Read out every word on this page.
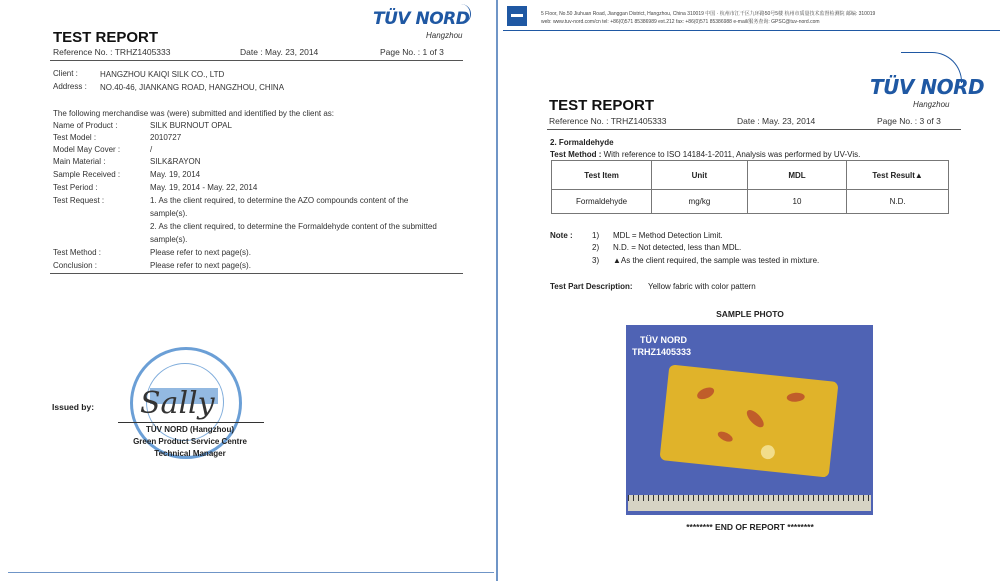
TÜV NORD
Hangzhou
TEST REPORT
Reference No. : TRHZ1405333	Date : May. 23, 2014	Page No. : 1 of 3
Client :	HANGZHOU KAIQI SILK CO., LTD
Address : NO.40-46, JIANKANG ROAD, HANGZHOU, CHINA
The following merchandise was (were) submitted and identified by the client as:
Name of Product :	SILK BURNOUT OPAL
Test Model :	2010727
Model May Cover :	/
Main Material :	SILK&RAYON
Sample Received :	May. 19, 2014
Test Period :	May. 19, 2014 - May. 22, 2014
Test Request :	1. As the client required, to determine the AZO compounds content of the
sample(s).
2. As the client required, to determine the Formaldehyde content of the submitted
sample(s).
Test Method :	Please refer to next page(s).
Conclusion :	Please refer to next page(s).
Issued by: Sally
TÜV NORD (Hangzhou)
Green Product Service Centre
Technical Manager
5 Floor, No.50 Jiuhuan Road, Jianggan District, Hangzhou, China 310019 中国 · 杭州市江干区九环路50号5楼 杭州市质量技术监督检测院 邮编: 310019
web: www.tuv-nord.com/cn tel: +86(0)571 85386989 ext.212 fax: +86(0)571 85386988 e-mail/服务查询: GPSC@tuv-nord.com
TÜV NORD
Hangzhou
TEST REPORT
Reference No. : TRHZ1405333	Date : May. 23, 2014	Page No. : 3 of 3
2. Formaldehyde
Test Method : With reference to ISO 14184-1-2011, Analysis was performed by UV-Vis.
Test Item	Unit	MDL	Test Result▲
Formaldehyde	mg/kg	10	N.D.
Note : 1) MDL = Method Detection Limit.
2) N.D. = Not detected, less than MDL.
3) ▲As the client required, the sample was tested in mixture.
Test Part Description: Yellow fabric with color pattern
SAMPLE PHOTO
TÜV NORD
TRHZ1405333
******** END OF REPORT ********
